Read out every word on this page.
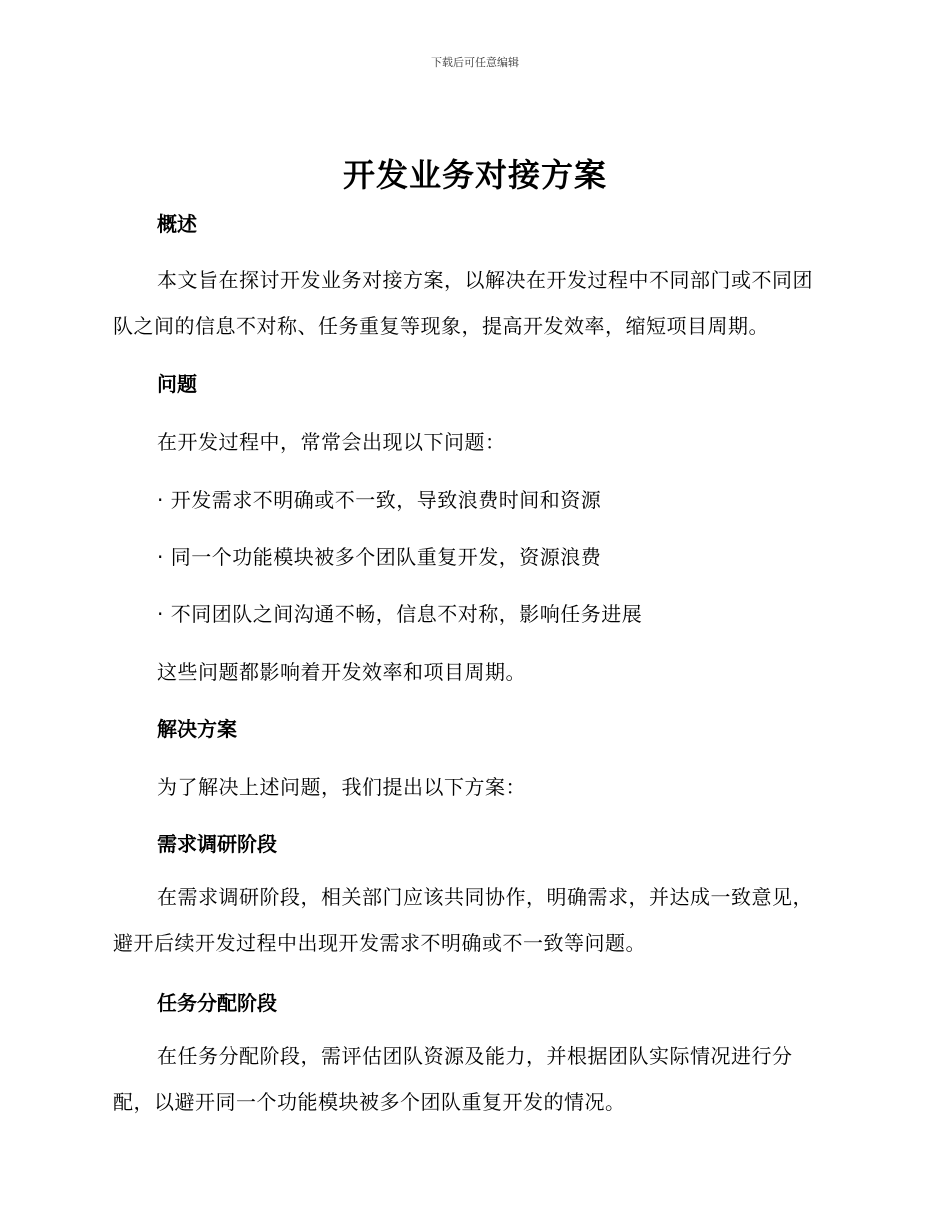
下载后可任意编辑
开发业务对接方案
概述

本文旨在探讨开发业务对接方案，以解决在开发过程中不同部门或不同团队之间的信息不对称、任务重复等现象，提高开发效率，缩短项目周期。

问题

在开发过程中，常常会出现以下问题：

· 开发需求不明确或不一致，导致浪费时间和资源

· 同一个功能模块被多个团队重复开发，资源浪费

· 不同团队之间沟通不畅，信息不对称，影响任务进展

这些问题都影响着开发效率和项目周期。

解决方案

为了解决上述问题，我们提出以下方案：

需求调研阶段

在需求调研阶段，相关部门应该共同协作，明确需求，并达成一致意见，避开后续开发过程中出现开发需求不明确或不一致等问题。

任务分配阶段

在任务分配阶段，需评估团队资源及能力，并根据团队实际情况进行分配，以避开同一个功能模块被多个团队重复开发的情况。
